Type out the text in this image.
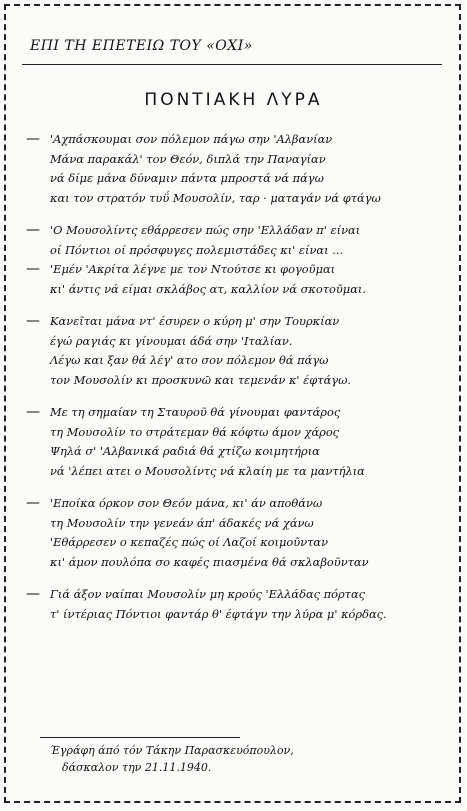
ΕΠΙ ΤΗ ΕΠΕΤΕΙΩ ΤΟΥ «ΟΧΙ»
ΠΟΝΤΙΑΚΗ ΛΥΡΑ
— 'Αχπάσκουμαι σον πόλεμον πάγω σην 'Αλβανίαν
Μάνα παρακάλ' τον Θεόν, διπλά την Παναγίαν
νά δίμε μάνα δύναμιν πάντα μπροστά νά πάγω
και τον στρατόν τυΰ Μουσολίν, ταρ · ματαγάν νά φτάγω
— 'Ο Μουσολίντς εθάρρεσεν πώς σην 'Ελλάδαν π' είναι
οί Πόντιοι οί πρόσφυγες πολεμιστάδες κι' είναι ...
— 'Εμέν 'Ακρίτα λέγνε με τον Ντούτσε κι φογοῦμαι
κι' άντις νά είμαι σκλάβος ατ, καλλίον νά σκοτοῦμαι.
— Κανεῖται μάνα ντ' έσυρεν ο κύρη μ' σην Τουρκίαν
έγώ ραγιάς κι γίνουμαι άδά σην 'Ιταλίαν.
Λέγω και ξαν θά λέγ' ατο σον πόλεμον θά πάγω
τον Μουσολίν κι προσκυνῶ και τεμενάν κ' έφτάγω.
— Με τη σημαίαν τη Σταυροῦ θά γίνουμαι φαντάρος
τη Μουσολίν το στράτεμαν θά κόφτω άμον χάρος
Ψηλά σ' 'Αλβανικά ραδιά θά χτίζω κοιμητήρια
νά 'λέπει ατει ο Μουσολίντς νά κλαίη με τα μαντήλια
— 'Εποίκα όρκον σον Θεόν μάνα, κι' άν αποθάνω
τη Μουσολίν την γενεάν άπ' άδακές νά χάνω
'Εθάρρεσεν ο κεπαζές πώς οί Λαζοί κοιμοῦνταν
κι' άμον πουλόπα σο καφές πιασμένα θά σκλαβοῦνταν
— Γιά άξον ναίπαι Μουσολίν μη κρούς 'Ελλάδας πόρτας
τ' ίντέριας Πόντιοι φαντάρ θ' έφτάγν την λύρα μ' κόρδας.
Έγράφη άπό τόν Τάκην Παρασκευόπουλον,
δάσκαλον την 21.11.1940.
